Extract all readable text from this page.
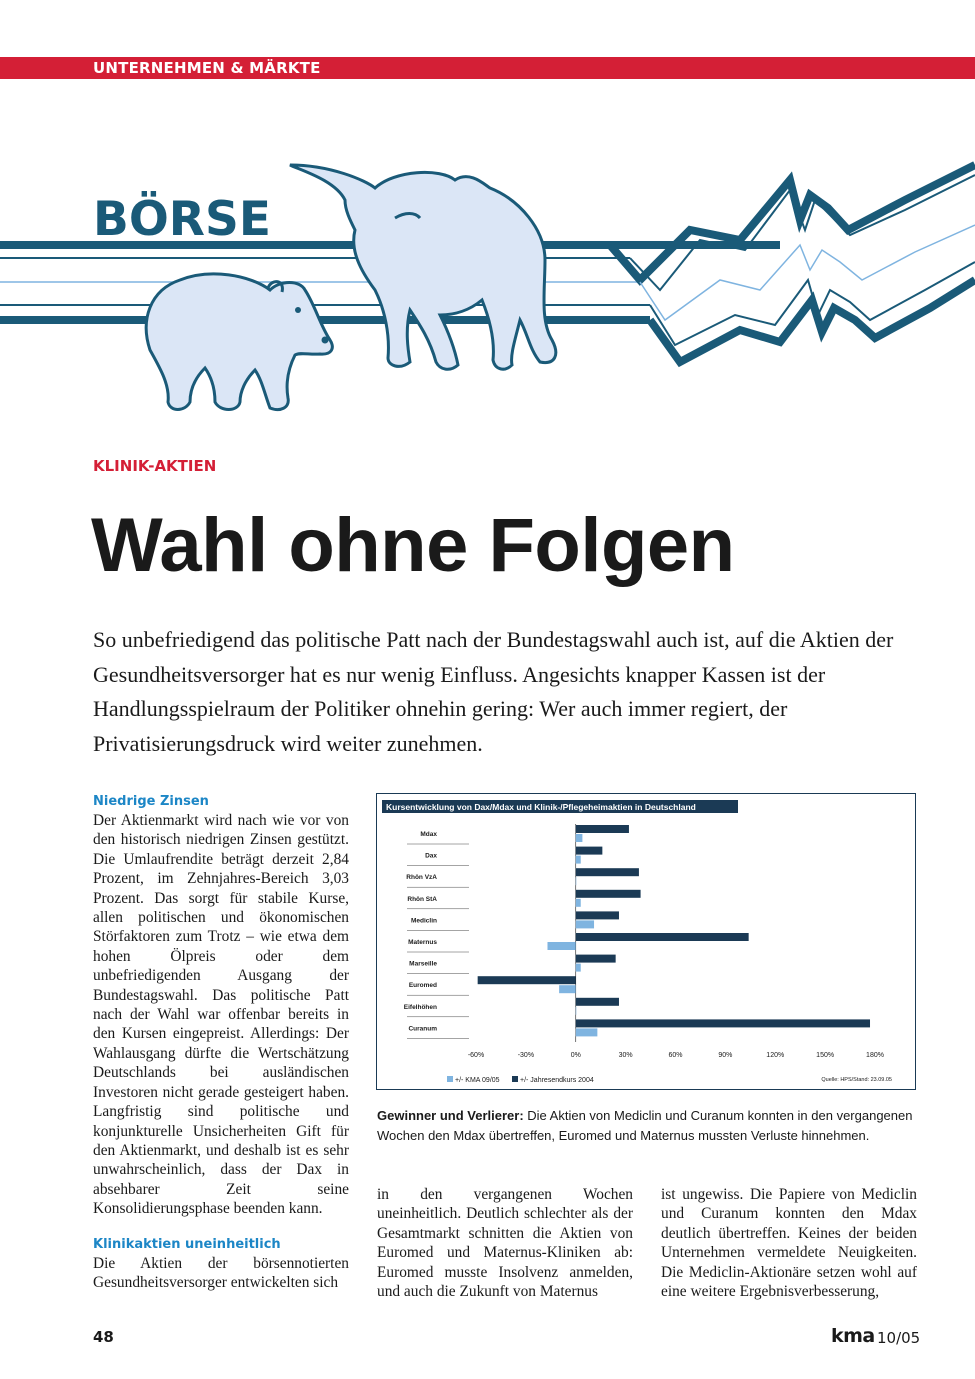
UNTERNEHMEN & MÄRKTE
BÖRSE
KLINIK-AKTIEN
Wahl ohne Folgen

So unbefriedigend das politische Patt nach der Bundestagswahl auch ist, auf die Aktien der Gesundheitsversorger hat es nur wenig Einfluss. Angesichts knapper Kassen ist der Handlungsspielraum der Politiker ohnehin gering: Wer auch immer regiert, der Privatisierungsdruck wird weiter zunehmen.

Niedrige Zinsen

Der Aktienmarkt wird nach wie vor von den historisch niedrigen Zinsen gestützt. Die Umlaufrendite beträgt derzeit 2,84 Prozent, im Zehnjahres-Bereich 3,03 Prozent. Das sorgt für stabile Kurse, allen politischen und ökonomischen Störfaktoren zum Trotz – wie etwa dem hohen Ölpreis oder dem unbefriedigenden Ausgang der Bundestagswahl. Das politische Patt nach der Wahl war offenbar bereits in den Kursen eingepreist. Allerdings: Der Wahlausgang dürfte die Wertschätzung Deutschlands bei ausländischen Investoren nicht gerade gesteigert haben. Langfristig sind politische und konjunkturelle Unsicherheiten Gift für den Aktienmarkt, und deshalb ist es sehr unwahrscheinlich, dass der Dax in absehbarer Zeit seine Konsolidierungsphase beenden kann.

Klinikaktien uneinheitlich

Die Aktien der börsennotierten Gesundheitsversorger entwickelten sich

Kursentwicklung von Dax/Mdax und Klinik-/Pflegeheimaktien in Deutschland
Mdax
Dax
Rhön VzA
Rhön StA
Mediclin
Maternus
Marseille
Euromed
Eifelhöhen
Curanum
-60%	-30%	0%	30%	60%	90%	120%	150%	180%
+/- KMA 09/05	+/- Jahresendkurs 2004	Quelle: HPS/Stand: 23.09.05
Gewinner und Verlierer: Die Aktien von Mediclin und Curanum konnten in den vergangenen Wochen den Mdax übertreffen, Euromed und Maternus mussten Verluste hinnehmen.

in den vergangenen Wochen uneinheitlich. Deutlich schlechter als der Gesamtmarkt schnitten die Aktien von Euromed und Maternus-Kliniken ab: Euromed musste Insolvenz anmelden, und auch die Zukunft von Maternus

ist ungewiss. Die Papiere von Mediclin und Curanum konnten den Mdax deutlich übertreffen. Keines der beiden Unternehmen vermeldete Neuigkeiten. Die Mediclin-Aktionäre setzen wohl auf eine weitere Ergebnisverbesserung,

48	kma 10/05
